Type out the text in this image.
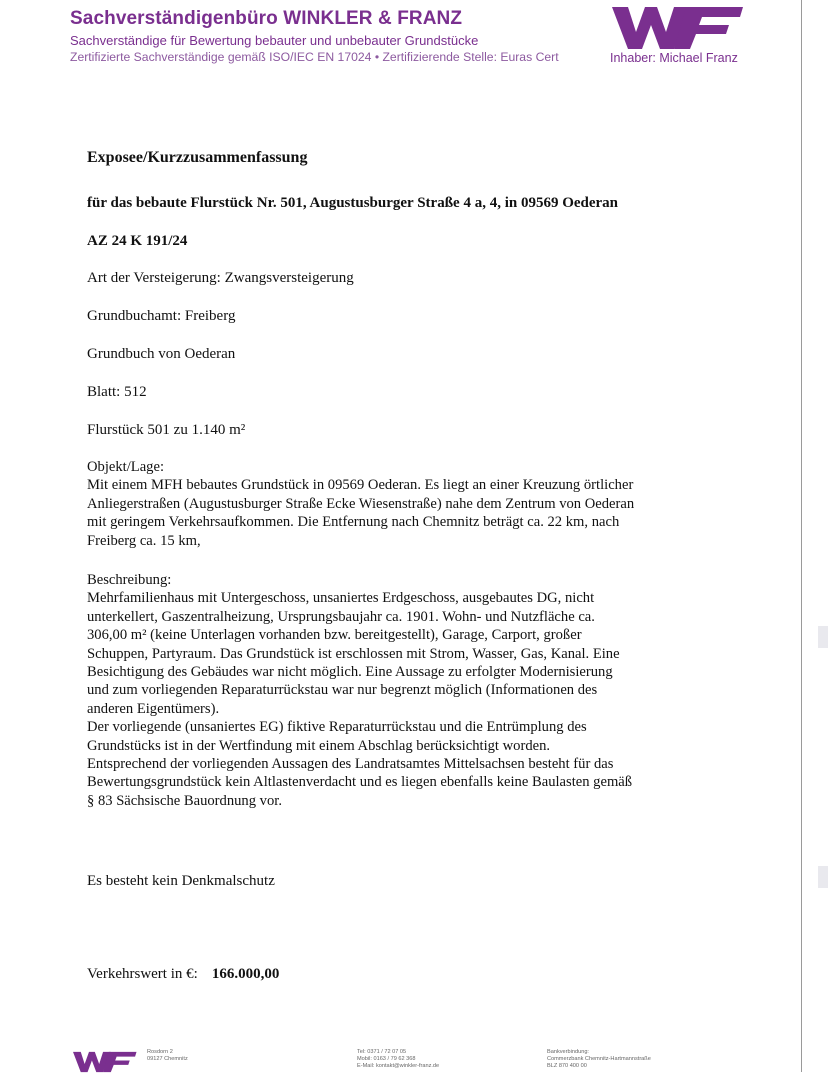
Sachverständigenbüro WINKLER & FRANZ
Sachverständige für Bewertung bebauter und unbebauter Grundstücke
Zertifizierte Sachverständige gemäß ISO/IEC EN 17024 • Zertifizierende Stelle: Euras Cert	Inhaber: Michael Franz
Exposee/Kurzzusammenfassung
für das bebaute Flurstück Nr. 501, Augustusburger Straße 4 a, 4, in 09569 Oederan
AZ 24 K 191/24
Art der Versteigerung: Zwangsversteigerung
Grundbuchamt: Freiberg
Grundbuch von Oederan
Blatt: 512
Flurstück 501 zu 1.140 m²
Objekt/Lage:
Mit einem MFH bebautes Grundstück in 09569 Oederan. Es liegt an einer Kreuzung örtlicher
Anliegerstraßen (Augustusburger Straße Ecke Wiesenstraße) nahe dem Zentrum von Oederan
mit geringem Verkehrsaufkommen. Die Entfernung nach Chemnitz beträgt ca. 22 km, nach
Freiberg ca. 15 km,
Beschreibung:
Mehrfamilienhaus mit Untergeschoss, unsaniertes Erdgeschoss, ausgebautes DG, nicht
unterkellert, Gaszentralheizung, Ursprungsbaujahr ca. 1901. Wohn- und Nutzfläche ca.
306,00 m² (keine Unterlagen vorhanden bzw. bereitgestellt), Garage, Carport, großer
Schuppen, Partyraum. Das Grundstück ist erschlossen mit Strom, Wasser, Gas, Kanal. Eine
Besichtigung des Gebäudes war nicht möglich. Eine Aussage zu erfolgter Modernisierung
und zum vorliegenden Reparaturrückstau war nur begrenzt möglich (Informationen des
anderen Eigentümers).
Der vorliegende (unsaniertes EG) fiktive Reparaturrückstau und die Entrümplung des
Grundstücks ist in der Wertfindung mit einem Abschlag berücksichtigt worden.
Entsprechend der vorliegenden Aussagen des Landratsamtes Mittelsachsen besteht für das
Bewertungsgrundstück kein Altlastenverdacht und es liegen ebenfalls keine Baulasten gemäß
§ 83 Sächsische Bauordnung vor.
Es besteht kein Denkmalschutz
Verkehrswert in €: 166.000,00
Rosdorn 2
09127 Chemnitz
Tel: 0371 / 72 07 05
Mobil: 0163 / 79 62 368
E-Mail: kontakt@winkler-franz.de
Bankverbindung:
Commerzbank Chemnitz-Hartmannstraße
BLZ 870 400 00
